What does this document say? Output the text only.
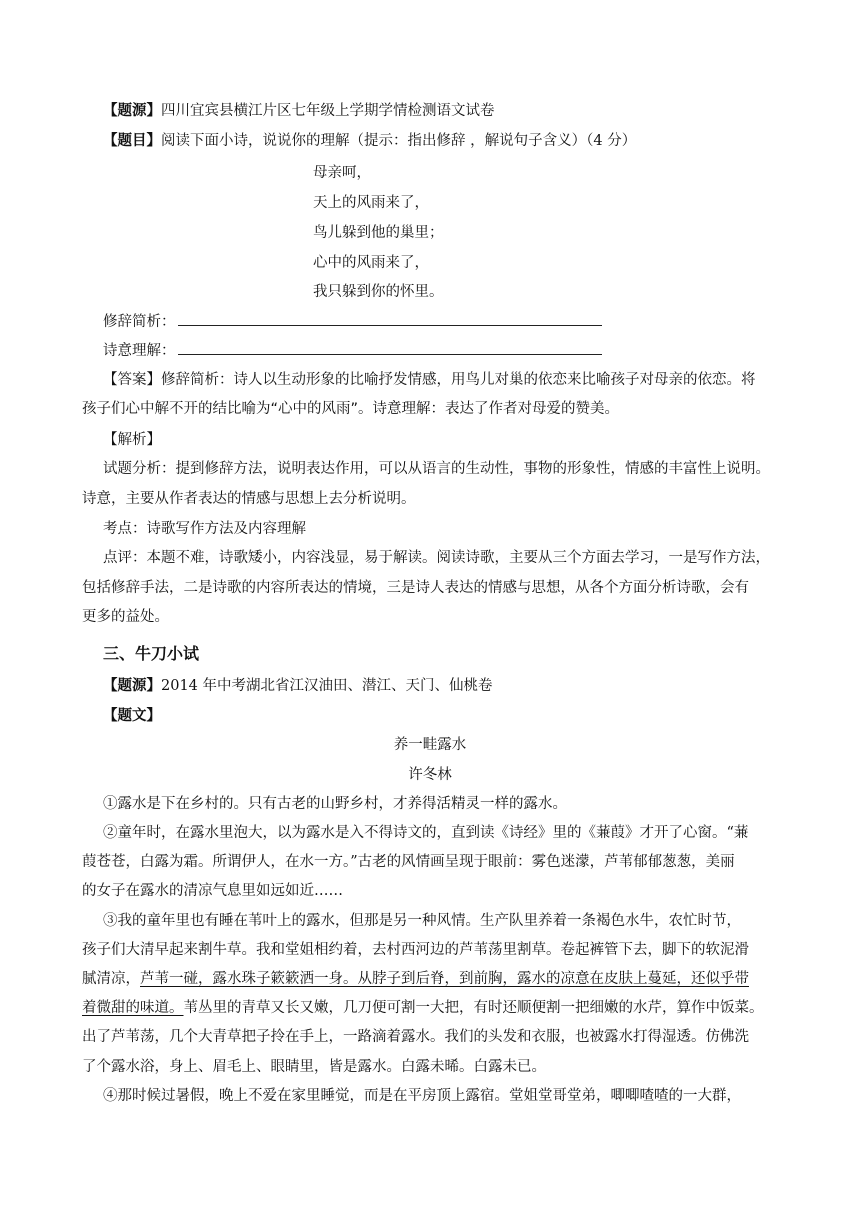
【题源】四川宜宾县横江片区七年级上学期学情检测语文试卷
【题目】阅读下面小诗，说说你的理解（提示：指出修辞 ，解说句子含义）（4 分）
母亲呵，
天上的风雨来了，
鸟儿躲到他的巢里；
心中的风雨来了，
我只躲到你的怀里。
修辞简析：
诗意理解：
【答案】修辞简析：诗人以生动形象的比喻抒发情感，用鸟儿对巢的依恋来比喻孩子对母亲的依恋。将
孩子们心中解不开的结比喻为“心中的风雨”。诗意理解：表达了作者对母爱的赞美。
【解析】
试题分析：提到修辞方法，说明表达作用，可以从语言的生动性，事物的形象性，情感的丰富性上说明。
诗意，主要从作者表达的情感与思想上去分析说明。
考点：诗歌写作方法及内容理解
点评：本题不难，诗歌矮小，内容浅显，易于解读。阅读诗歌，主要从三个方面去学习，一是写作方法，
包括修辞手法，二是诗歌的内容所表达的情境，三是诗人表达的情感与思想，从各个方面分析诗歌，会有
更多的益处。
三、牛刀小试
【题源】2014 年中考湖北省江汉油田、潜江、天门、仙桃卷
【题文】
养一畦露水
许冬林
①露水是下在乡村的。只有古老的山野乡村，才养得活精灵一样的露水。
②童年时，在露水里泡大，以为露水是入不得诗文的，直到读《诗经》里的《蒹葭》才开了心窗。“蒹
葭苍苍，白露为霜。所谓伊人，在水一方。”古老的风情画呈现于眼前：雾色迷濛，芦苇郁郁葱葱，美丽
的女子在露水的清凉气息里如远如近……
③我的童年里也有睡在苇叶上的露水，但那是另一种风情。生产队里养着一条褐色水牛，农忙时节，
孩子们大清早起来割牛草。我和堂姐相约着，去村西河边的芦苇荡里割草。卷起裤管下去，脚下的软泥滑
腻清凉，芦苇一碰，露水珠子簌簌洒一身。从脖子到后脊，到前胸，露水的凉意在皮肤上蔓延，还似乎带
着微甜的味道。苇丛里的青草又长又嫩，几刀便可割一大把，有时还顺便割一把细嫩的水芹，算作中饭菜。
出了芦苇荡，几个大青草把子拎在手上，一路滴着露水。我们的头发和衣服，也被露水打得湿透。仿佛洗
了个露水浴，身上、眉毛上、眼睛里，皆是露水。白露未晞。白露未已。
④那时候过暑假，晚上不爱在家里睡觉，而是在平房顶上露宿。堂姐堂哥堂弟，唧唧喳喳的一大群，
